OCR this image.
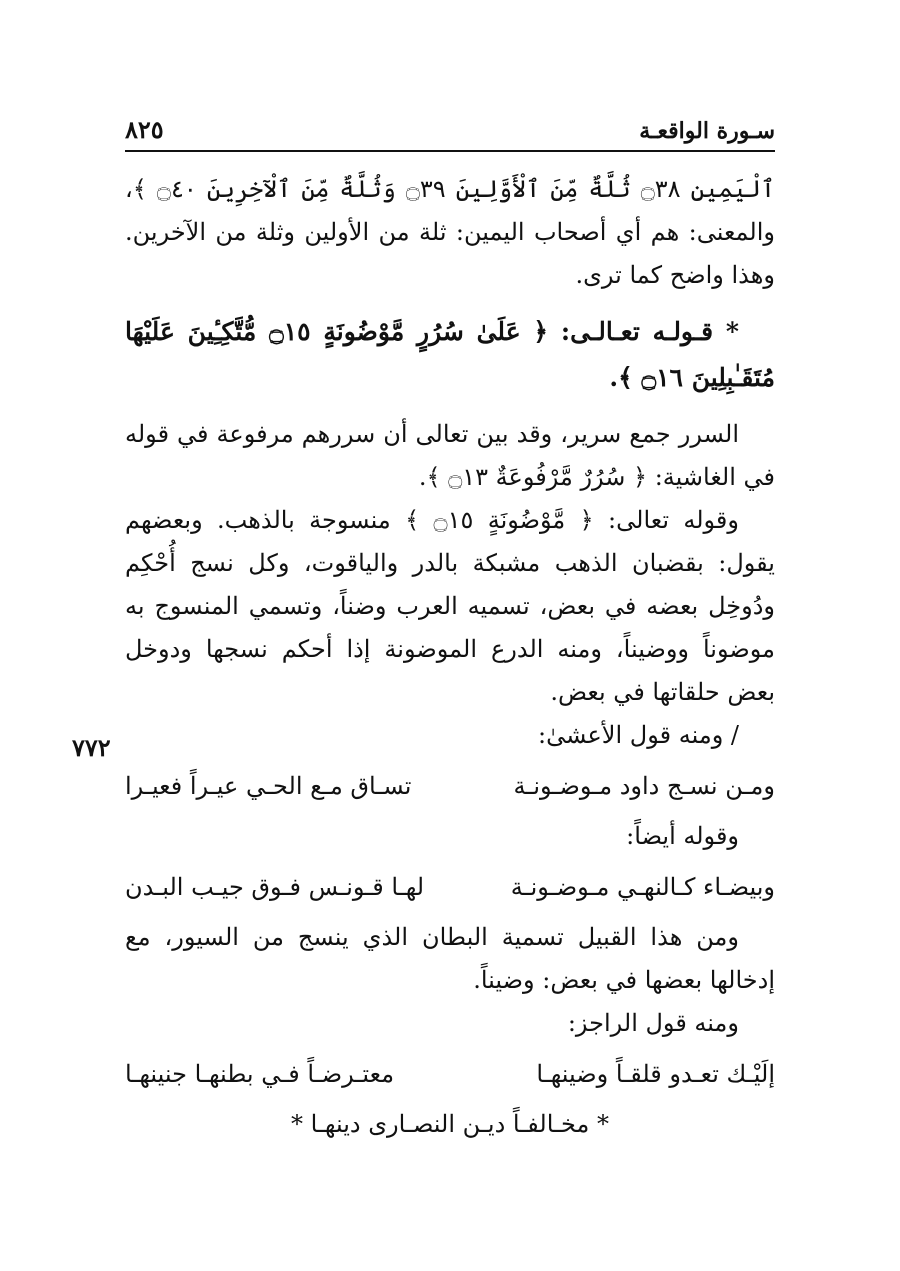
سـورة الواقعـة
٨٢٥
٧٧٢

ٱلْيَمِينِ ۝٣٨ ثُلَّةٌ مِّنَ ٱلْأَوَّلِينَ ۝٣٩ وَثُلَّةٌ مِّنَ ٱلْآخِرِينَ ۝٤٠ ﴾، والمعنى: هم أي أصحاب اليمين: ثلة من الأولين وثلة من الآخرين. وهذا واضح كما ترى.

* قـولـه تعـالـى: ﴿ عَلَىٰ سُرُرٍ مَّوْضُونَةٍ ۝١٥ مُّتَّكِـِٔينَ عَلَيْهَا مُتَقَـٰبِلِينَ ۝١٦ ﴾.

السرر جمع سرير، وقد بين تعالى أن سررهم مرفوعة في قوله في الغاشية: ﴿ سُرُرٌ مَّرْفُوعَةٌ ۝١٣ ﴾.

وقوله تعالى: ﴿ مَّوْضُونَةٍ ۝١٥ ﴾ منسوجة بالذهب. وبعضهم يقول: بقضبان الذهب مشبكة بالدر والياقوت، وكل نسج أُحْكِم ودُوخِل بعضه في بعض، تسميه العرب وضناً، وتسمي المنسوج به موضوناً ووضيناً، ومنه الدرع الموضونة إذا أحكم نسجها ودوخل بعض حلقاتها في بعض.

/ ومنه قول الأعشىٰ:

ومـن نسـج داود مـوضـونـة
تسـاق مـع الحـي عيـراً فعيـرا

وقوله أيضاً:

وبيضـاء كـالنهـي مـوضـونـة
لهـا قـونـس فـوق جيـب البـدن

ومن هذا القبيل تسمية البطان الذي ينسج من السيور، مع إدخالها بعضها في بعض: وضيناً.

ومنه قول الراجز:

إلَيْـك تعـدو قلقـاً وضينهـا
معتـرضـاً فـي بطنهـا جنينهـا

* مخـالفـاً ديـن النصـارى دينهـا *
